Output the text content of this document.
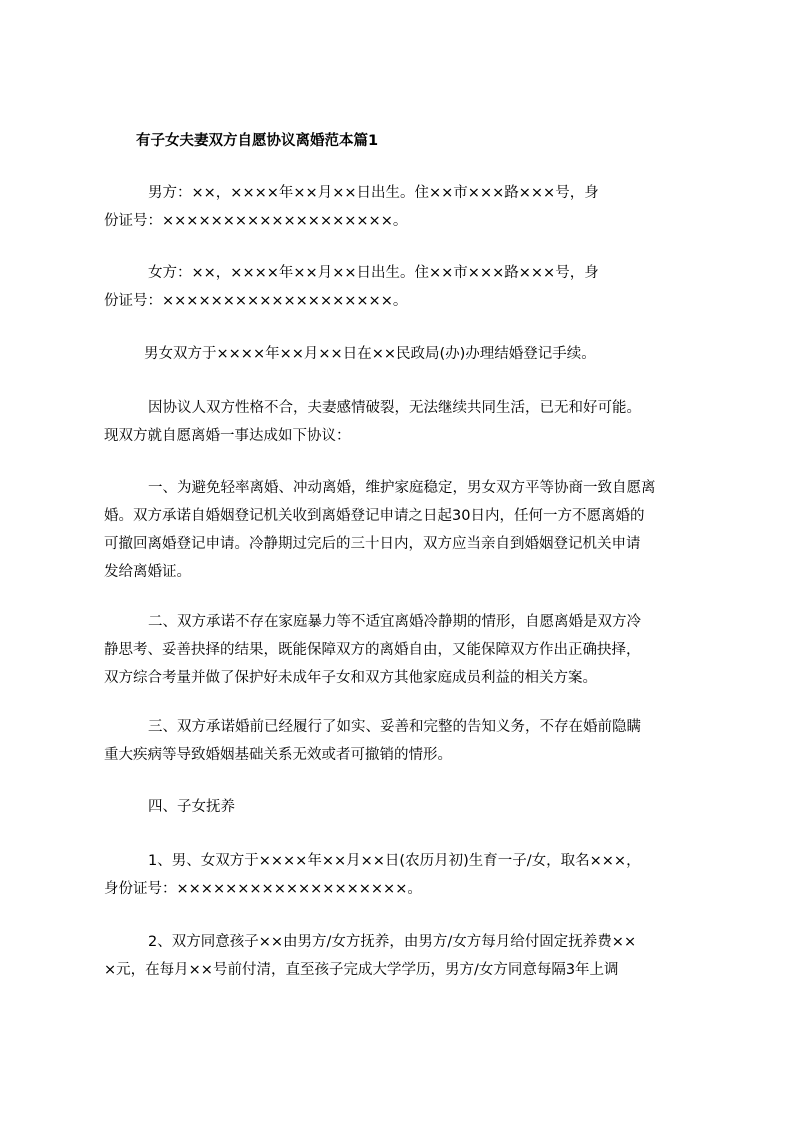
有子女夫妻双方自愿协议离婚范本篇1
男方：××，××××年××月××日出生。住××市×××路×××号，身
份证号：×××××××××××××××××××。
女方：××，××××年××月××日出生。住××市×××路×××号，身
份证号：×××××××××××××××××××。
男女双方于××××年××月××日在××民政局(办)办理结婚登记手续。
因协议人双方性格不合，夫妻感情破裂，无法继续共同生活，已无和好可能。
现双方就自愿离婚一事达成如下协议：
一、为避免轻率离婚、冲动离婚，维护家庭稳定，男女双方平等协商一致自愿离
婚。双方承诺自婚姻登记机关收到离婚登记申请之日起30日内，任何一方不愿离婚的
可撤回离婚登记申请。冷静期过完后的三十日内，双方应当亲自到婚姻登记机关申请
发给离婚证。
二、双方承诺不存在家庭暴力等不适宜离婚冷静期的情形，自愿离婚是双方冷
静思考、妥善抉择的结果，既能保障双方的离婚自由，又能保障双方作出正确抉择，
双方综合考量并做了保护好未成年子女和双方其他家庭成员利益的相关方案。
三、双方承诺婚前已经履行了如实、妥善和完整的告知义务，不存在婚前隐瞒
重大疾病等导致婚姻基础关系无效或者可撤销的情形。
四、子女抚养
1、男、女双方于××××年××月××日(农历月初)生育一子/女，取名×××，
身份证号：×××××××××××××××××××。
2、双方同意孩子××由男方/女方抚养，由男方/女方每月给付固定抚养费××
×元，在每月××号前付清，直至孩子完成大学学历，男方/女方同意每隔3年上调
